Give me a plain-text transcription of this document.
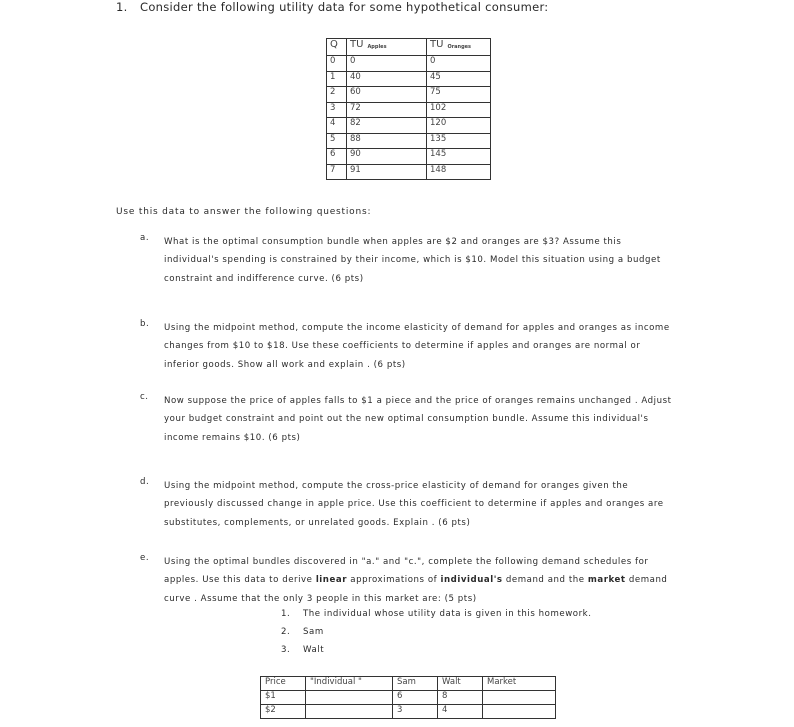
1. Consider the following utility data for some hypothetical consumer:
Q	TU $_{Apples}$	TU $_{Oranges}$
0	0	0
1	40	45
2	60	75
3	72	102
4	82	120
5	88	135
6	90	145
7	91	148
Use this data to answer the following questions:
a. What is the optimal consumption bundle when apples are $2 and oranges are $3? Assume this individual's spending is constrained by their income, which is $10. Model this situation using a budget constraint and indifference curve. (6 pts)
b. Using the midpoint method, compute the income elasticity of demand for apples and oranges as income changes from $10 to $18. Use these coefficients to determine if apples and oranges are normal or inferior goods. Show all work and explain . (6 pts)
c. Now suppose the price of apples falls to $1 a piece and the price of oranges remains unchanged . Adjust your budget constraint and point out the new optimal consumption bundle. Assume this individual's income remains $10. (6 pts)
d. Using the midpoint method, compute the cross-price elasticity of demand for oranges given the previously discussed change in apple price. Use this coefficient to determine if apples and oranges are substitutes, complements, or unrelated goods. Explain . (6 pts)
e. Using the optimal bundles discovered in "a." and "c.", complete the following demand schedules for apples. Use this data to derive linear approximations of individual's demand and the market demand curve . Assume that the only 3 people in this market are: (5 pts)
1. The individual whose utility data is given in this homework.
2. Sam
3. Walt
Price	"Individual "	Sam	Walt	Market
$1		6	8	
$2		3	4	
